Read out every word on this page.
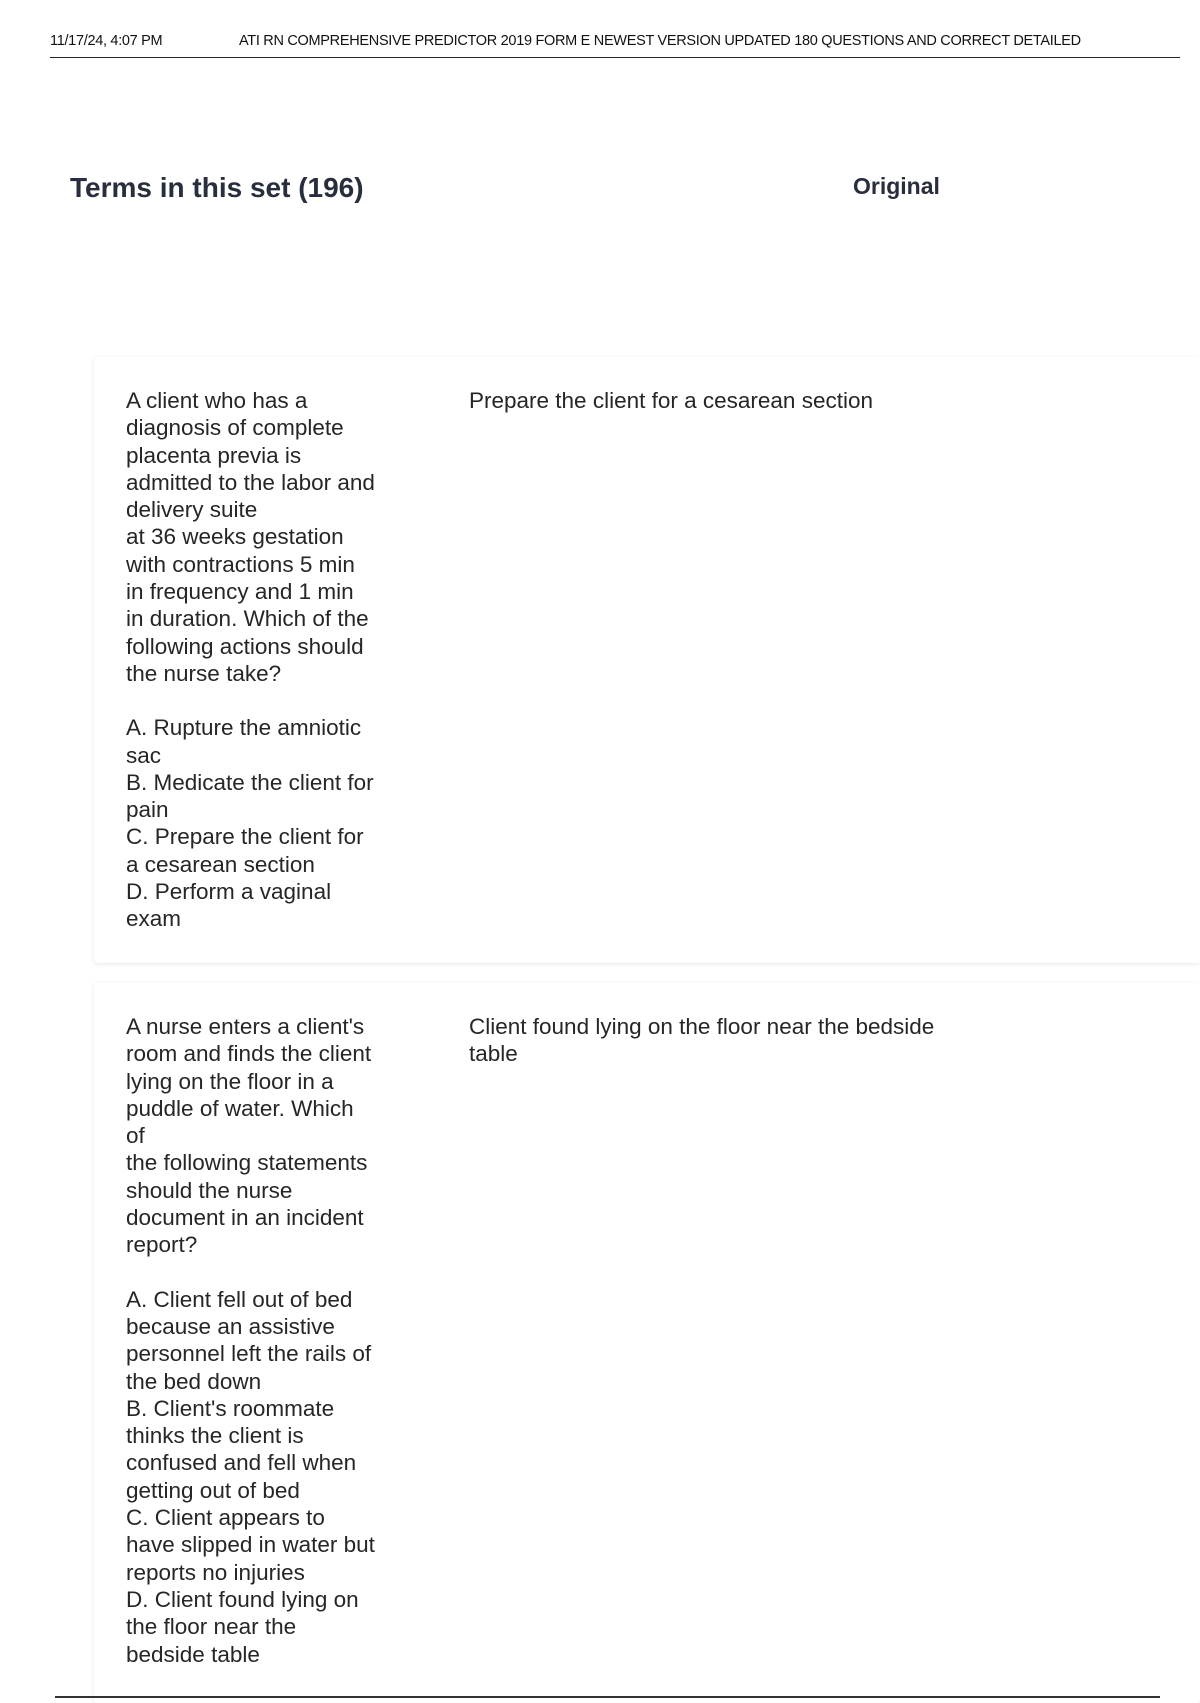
11/17/24, 4:07 PM	ATI RN COMPREHENSIVE PREDICTOR 2019 FORM E NEWEST VERSION UPDATED 180 QUESTIONS AND CORRECT DETAILED
Terms in this set (196)	Original
A client who has a
diagnosis of complete
placenta previa is
admitted to the labor and
delivery suite
at 36 weeks gestation
with contractions 5 min
in frequency and 1 min
in duration. Which of the
following actions should
the nurse take?
A. Rupture the amniotic
sac
B. Medicate the client for
pain
C. Prepare the client for
a cesarean section
D. Perform a vaginal
exam
Prepare the client for a cesarean section
A nurse enters a client's
room and finds the client
lying on the floor in a
puddle of water. Which
of
the following statements
should the nurse
document in an incident
report?
A. Client fell out of bed
because an assistive
personnel left the rails of
the bed down
B. Client's roommate
thinks the client is
confused and fell when
getting out of bed
C. Client appears to
have slipped in water but
reports no injuries
D. Client found lying on
the floor near the
bedside table
Client found lying on the floor near the bedside
table
